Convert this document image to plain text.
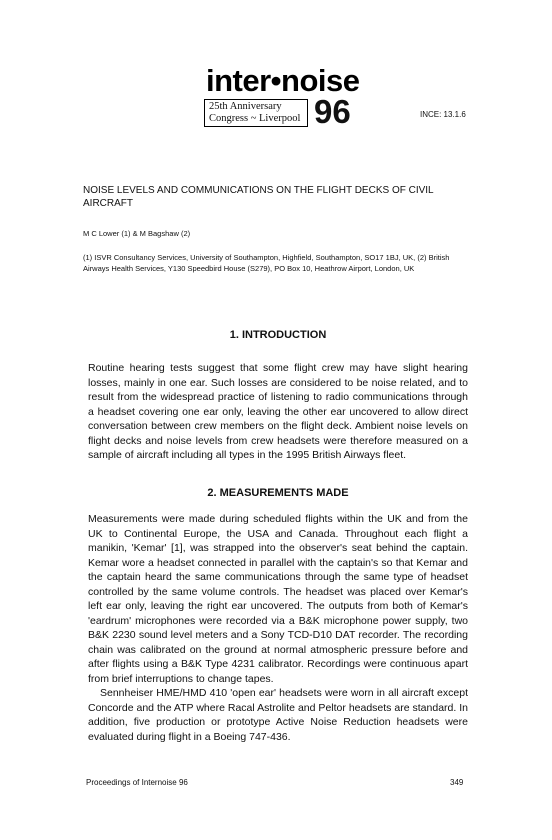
inter•noise
25th Anniversary
Congress ~ Liverpool 96	INCE: 13.1.6
NOISE LEVELS AND COMMUNICATIONS ON THE FLIGHT DECKS OF CIVIL AIRCRAFT
M C Lower (1) & M Bagshaw (2)
(1) ISVR Consultancy Services, University of Southampton, Highfield, Southampton, SO17 1BJ, UK, (2) British Airways Health Services, Y130 Speedbird House (S279), PO Box 10, Heathrow Airport, London, UK
1. INTRODUCTION

Routine hearing tests suggest that some flight crew may have slight hearing losses, mainly in one ear. Such losses are considered to be noise related, and to result from the widespread practice of listening to radio communications through a headset covering one ear only, leaving the other ear uncovered to allow direct conversation between crew members on the flight deck. Ambient noise levels on flight decks and noise levels from crew headsets were therefore measured on a sample of aircraft including all types in the 1995 British Airways fleet.

2. MEASUREMENTS MADE

Measurements were made during scheduled flights within the UK and from the UK to Continental Europe, the USA and Canada. Throughout each flight a manikin, 'Kemar' [1], was strapped into the observer's seat behind the captain. Kemar wore a headset connected in parallel with the captain's so that Kemar and the captain heard the same communications through the same type of headset controlled by the same volume controls. The headset was placed over Kemar's left ear only, leaving the right ear uncovered. The outputs from both of Kemar's 'eardrum' microphones were recorded via a B&K microphone power supply, two B&K 2230 sound level meters and a Sony TCD-D10 DAT recorder. The recording chain was calibrated on the ground at normal atmospheric pressure before and after flights using a B&K Type 4231 calibrator. Recordings were continuous apart from brief interruptions to change tapes.

Sennheiser HME/HMD 410 'open ear' headsets were worn in all aircraft except Concorde and the ATP where Racal Astrolite and Peltor headsets are standard. In addition, five production or prototype Active Noise Reduction headsets were evaluated during flight in a Boeing 747-436.

Proceedings of Internoise 96	349
